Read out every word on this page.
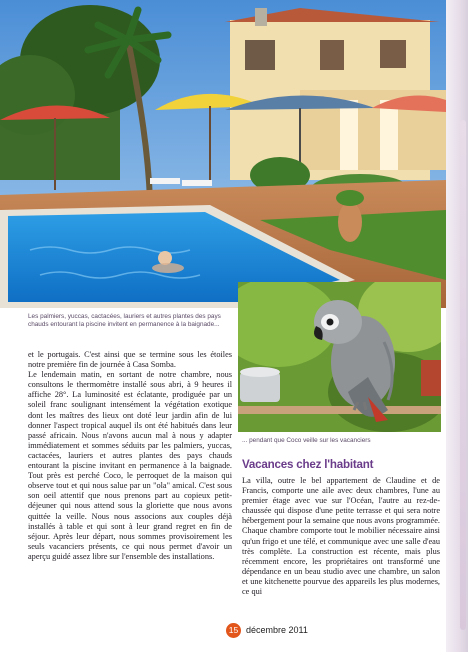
Les palmiers, yuccas, cactacées, lauriers et autres plantes des pays chauds entourant la piscine invitent en permanence à la baignade...
... pendant que Coco veille sur les vacanciers

et le portugais. C'est ainsi que se termine sous les étoiles notre première fin de journée à Casa Somba.

Le lendemain matin, en sortant de notre chambre, nous consultons le thermomètre installé sous abri, à 9 heures il affiche 28°. La luminosité est éclatante, prodiguée par un soleil franc soulignant intensément la végétation exotique dont les maîtres des lieux ont doté leur jardin afin de lui donner l'aspect tropical auquel ils ont été habitués dans leur passé africain. Nous n'avons aucun mal à nous y adapter immédiatement et sommes séduits par les palmiers, yuccas, cactacées, lauriers et autres plantes des pays chauds entourant la piscine invitant en permanence à la baignade. Tout près est perché Coco, le perroquet de la maison qui observe tout et qui nous salue par un "ola" amical. C'est sous son oeil attentif que nous prenons part au copieux petit-déjeuner qui nous attend sous la gloriette que nous avons quittée la veille. Nous nous associons aux couples déjà installés à table et qui sont à leur grand regret en fin de séjour. Après leur départ, nous sommes provisoirement les seuls vacanciers présents, ce qui nous permet d'avoir un aperçu guidé assez libre sur l'ensemble des installations.

Vacances chez l'habitant

La villa, outre le bel appartement de Claudine et de Francis, comporte une aile avec deux chambres, l'une au premier étage avec vue sur l'Océan, l'autre au rez-de-chaussée qui dispose d'une petite terrasse et qui sera notre hébergement pour la semaine que nous avons programmée. Chaque chambre comporte tout le mobilier nécessaire ainsi qu'un frigo et une télé, et communique avec une salle d'eau très complète. La construction est récente, mais plus récemment encore, les propriétaires ont transformé une dépendance en un beau studio avec une chambre, un salon et une kitchenette pourvue des appareils les plus modernes, ce qui

15 décembre 2011
